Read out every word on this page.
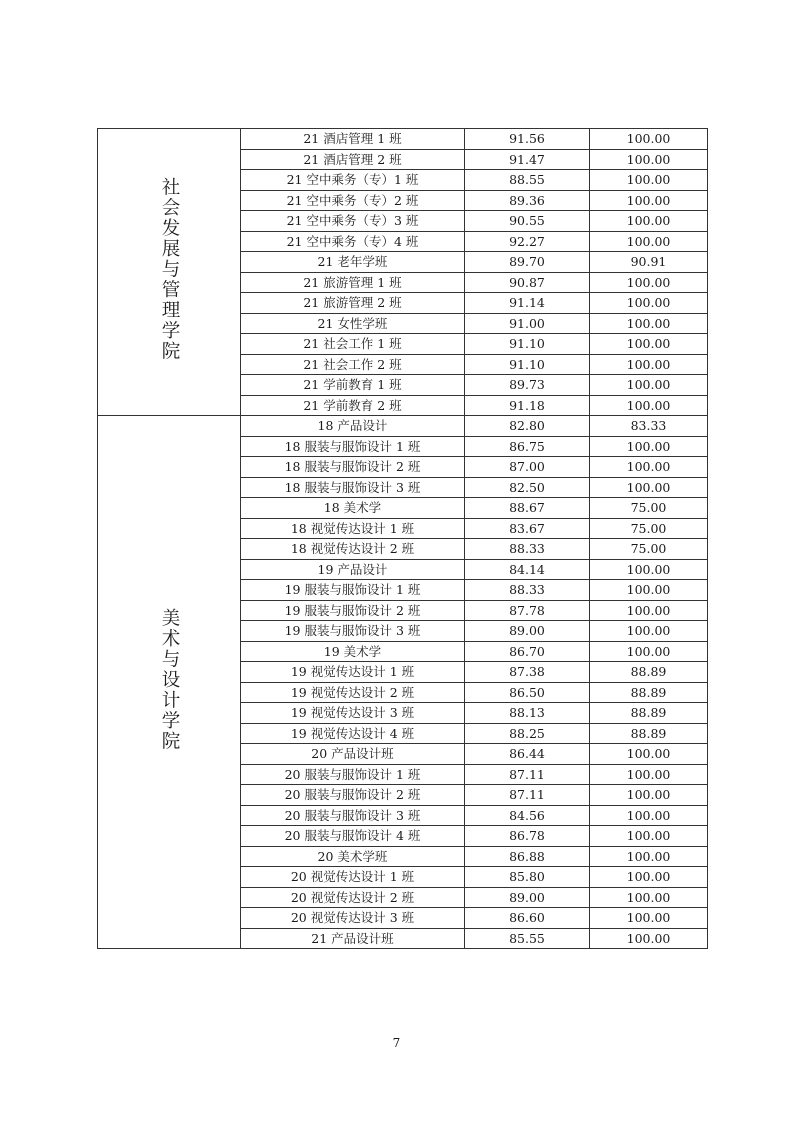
社会发展与管理学院	21 酒店管理 1 班	91.56	100.00
	21 酒店管理 2 班	91.47	100.00
	21 空中乘务（专）1 班	88.55	100.00
	21 空中乘务（专）2 班	89.36	100.00
	21 空中乘务（专）3 班	90.55	100.00
	21 空中乘务（专）4 班	92.27	100.00
	21 老年学班	89.70	90.91
	21 旅游管理 1 班	90.87	100.00
	21 旅游管理 2 班	91.14	100.00
	21 女性学班	91.00	100.00
	21 社会工作 1 班	91.10	100.00
	21 社会工作 2 班	91.10	100.00
	21 学前教育 1 班	89.73	100.00
	21 学前教育 2 班	91.18	100.00
美术与设计学院	18 产品设计	82.80	83.33
	18 服装与服饰设计 1 班	86.75	100.00
	18 服装与服饰设计 2 班	87.00	100.00
	18 服装与服饰设计 3 班	82.50	100.00
	18 美术学	88.67	75.00
	18 视觉传达设计 1 班	83.67	75.00
	18 视觉传达设计 2 班	88.33	75.00
	19 产品设计	84.14	100.00
	19 服装与服饰设计 1 班	88.33	100.00
	19 服装与服饰设计 2 班	87.78	100.00
	19 服装与服饰设计 3 班	89.00	100.00
	19 美术学	86.70	100.00
	19 视觉传达设计 1 班	87.38	88.89
	19 视觉传达设计 2 班	86.50	88.89
	19 视觉传达设计 3 班	88.13	88.89
	19 视觉传达设计 4 班	88.25	88.89
	20 产品设计班	86.44	100.00
	20 服装与服饰设计 1 班	87.11	100.00
	20 服装与服饰设计 2 班	87.11	100.00
	20 服装与服饰设计 3 班	84.56	100.00
	20 服装与服饰设计 4 班	86.78	100.00
	20 美术学班	86.88	100.00
	20 视觉传达设计 1 班	85.80	100.00
	20 视觉传达设计 2 班	89.00	100.00
	20 视觉传达设计 3 班	86.60	100.00
	21 产品设计班	85.55	100.00
7
